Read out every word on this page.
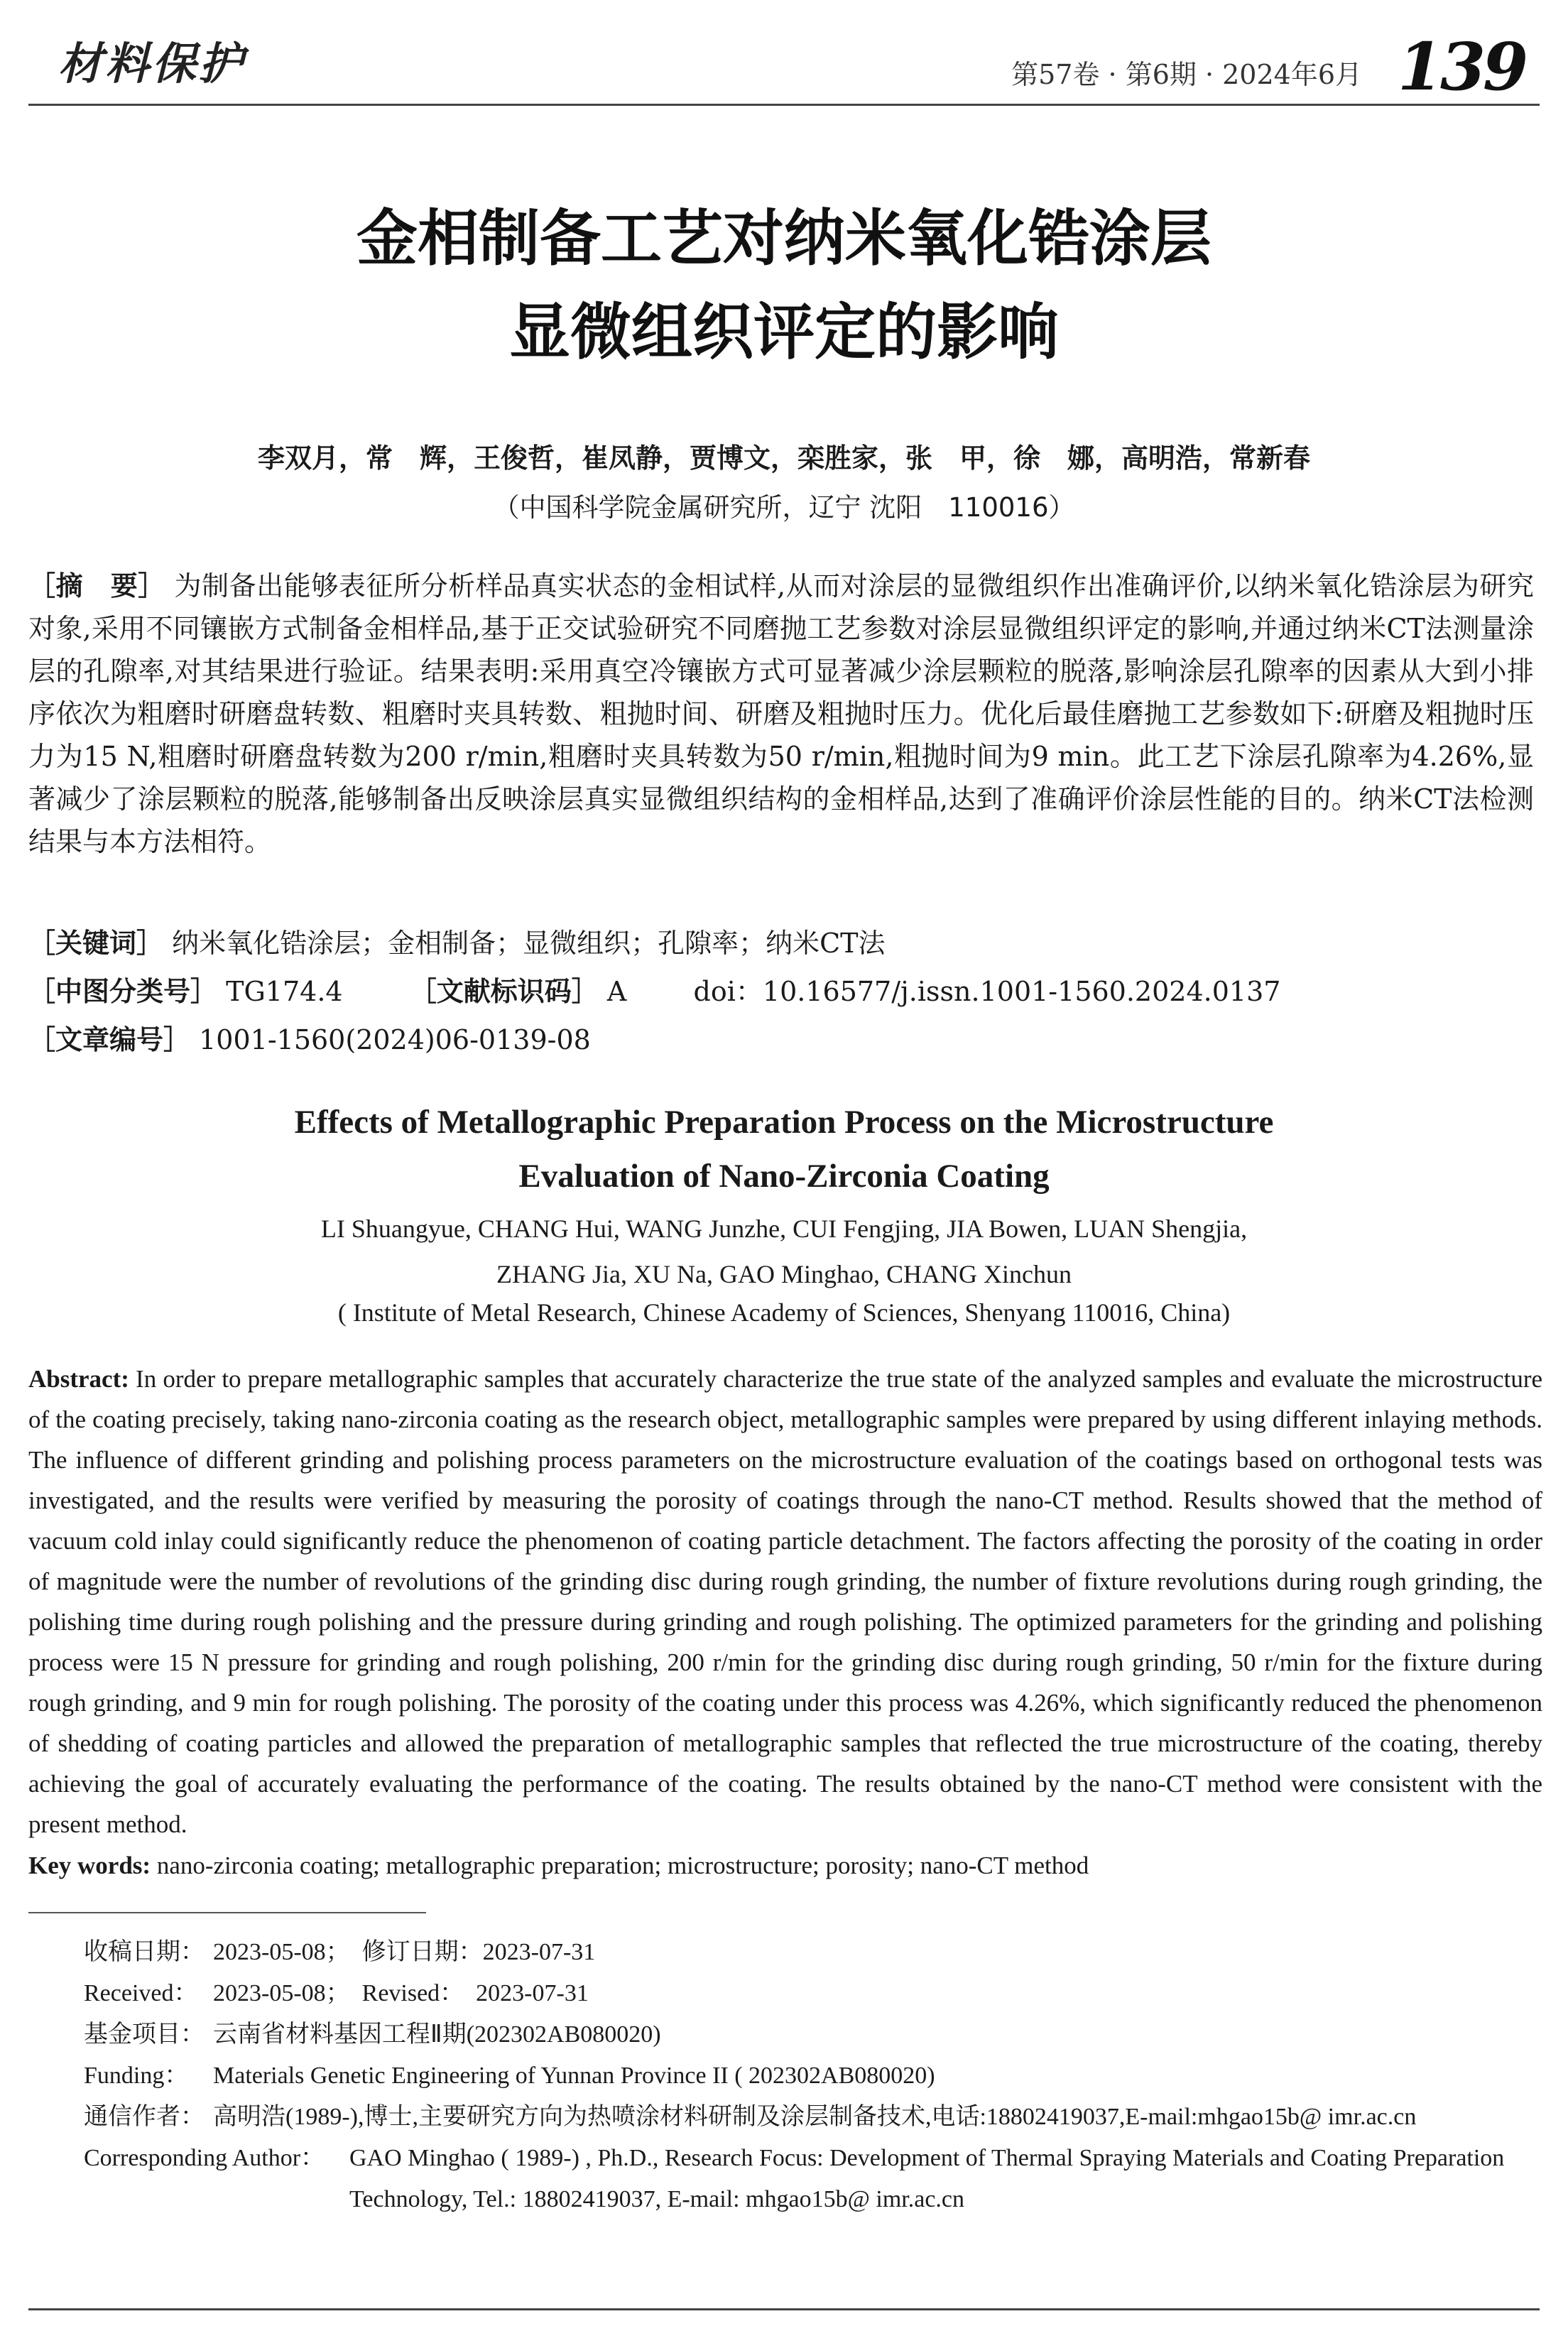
材料保护	第57卷 · 第6期 · 2024年6月 139
金相制备工艺对纳米氧化锆涂层
显微组织评定的影响
李双月，常　辉，王俊哲，崔凤静，贾博文，栾胜家，张　甲，徐　娜，高明浩，常新春
（中国科学院金属研究所，辽宁 沈阳　110016）
［摘　要］ 为制备出能够表征所分析样品真实状态的金相试样,从而对涂层的显微组织作出准确评价,以纳米氧化锆涂层为研究对象,采用不同镶嵌方式制备金相样品,基于正交试验研究不同磨抛工艺参数对涂层显微组织评定的影响,并通过纳米CT法测量涂层的孔隙率,对其结果进行验证。结果表明:采用真空冷镶嵌方式可显著减少涂层颗粒的脱落,影响涂层孔隙率的因素从大到小排序依次为粗磨时研磨盘转数、粗磨时夹具转数、粗抛时间、研磨及粗抛时压力。优化后最佳磨抛工艺参数如下:研磨及粗抛时压力为15 N,粗磨时研磨盘转数为200 r/min,粗磨时夹具转数为50 r/min,粗抛时间为9 min。此工艺下涂层孔隙率为4.26%,显著减少了涂层颗粒的脱落,能够制备出反映涂层真实显微组织结构的金相样品,达到了准确评价涂层性能的目的。纳米CT法检测结果与本方法相符。
［关键词］ 纳米氧化锆涂层；金相制备；显微组织；孔隙率；纳米CT法
［中图分类号］ TG174.4 ［文献标识码］ A doi：10.16577/j.issn.1001-1560.2024.0137
［文章编号］ 1001-1560(2024)06-0139-08
Effects of Metallographic Preparation Process on the Microstructure
Evaluation of Nano-Zirconia Coating
LI Shuangyue, CHANG Hui, WANG Junzhe, CUI Fengjing, JIA Bowen, LUAN Shengjia,
ZHANG Jia, XU Na, GAO Minghao, CHANG Xinchun
( Institute of Metal Research, Chinese Academy of Sciences, Shenyang 110016, China)
Abstract: In order to prepare metallographic samples that accurately characterize the true state of the analyzed samples and evaluate the microstructure of the coating precisely, taking nano-zirconia coating as the research object, metallographic samples were prepared by using different inlaying methods. The influence of different grinding and polishing process parameters on the microstructure evaluation of the coatings based on orthogonal tests was investigated, and the results were verified by measuring the porosity of coatings through the nano-CT method. Results showed that the method of vacuum cold inlay could significantly reduce the phenomenon of coating particle detachment. The factors affecting the porosity of the coating in order of magnitude were the number of revolutions of the grinding disc during rough grinding, the number of fixture revolutions during rough grinding, the polishing time during rough polishing and the pressure during grinding and rough polishing. The optimized parameters for the grinding and polishing process were 15 N pressure for grinding and rough polishing, 200 r/min for the grinding disc during rough grinding, 50 r/min for the fixture during rough grinding, and 9 min for rough polishing. The porosity of the coating under this process was 4.26%, which significantly reduced the phenomenon of shedding of coating particles and allowed the preparation of metallographic samples that reflected the true microstructure of the coating, thereby achieving the goal of accurately evaluating the performance of the coating. The results obtained by the nano-CT method were consistent with the present method.
Key words: nano-zirconia coating; metallographic preparation; microstructure; porosity; nano-CT method
收稿日期： 2023-05-08；　修订日期：2023-07-31
Received： 2023-05-08；　Revised：　2023-07-31
基金项目： 云南省材料基因工程Ⅱ期(202302AB080020)
Funding：	Materials Genetic Engineering of Yunnan Province II ( 202302AB080020)
通信作者： 高明浩(1989-),博士,主要研究方向为热喷涂材料研制及涂层制备技术,电话:18802419037,E-mail:mhgao15b@ imr.ac.cn
Corresponding Author：	GAO Minghao ( 1989-) , Ph.D., Research Focus: Development of Thermal Spraying Materials and Coating Preparation Technology, Tel.: 18802419037, E-mail: mhgao15b@ imr.ac.cn
